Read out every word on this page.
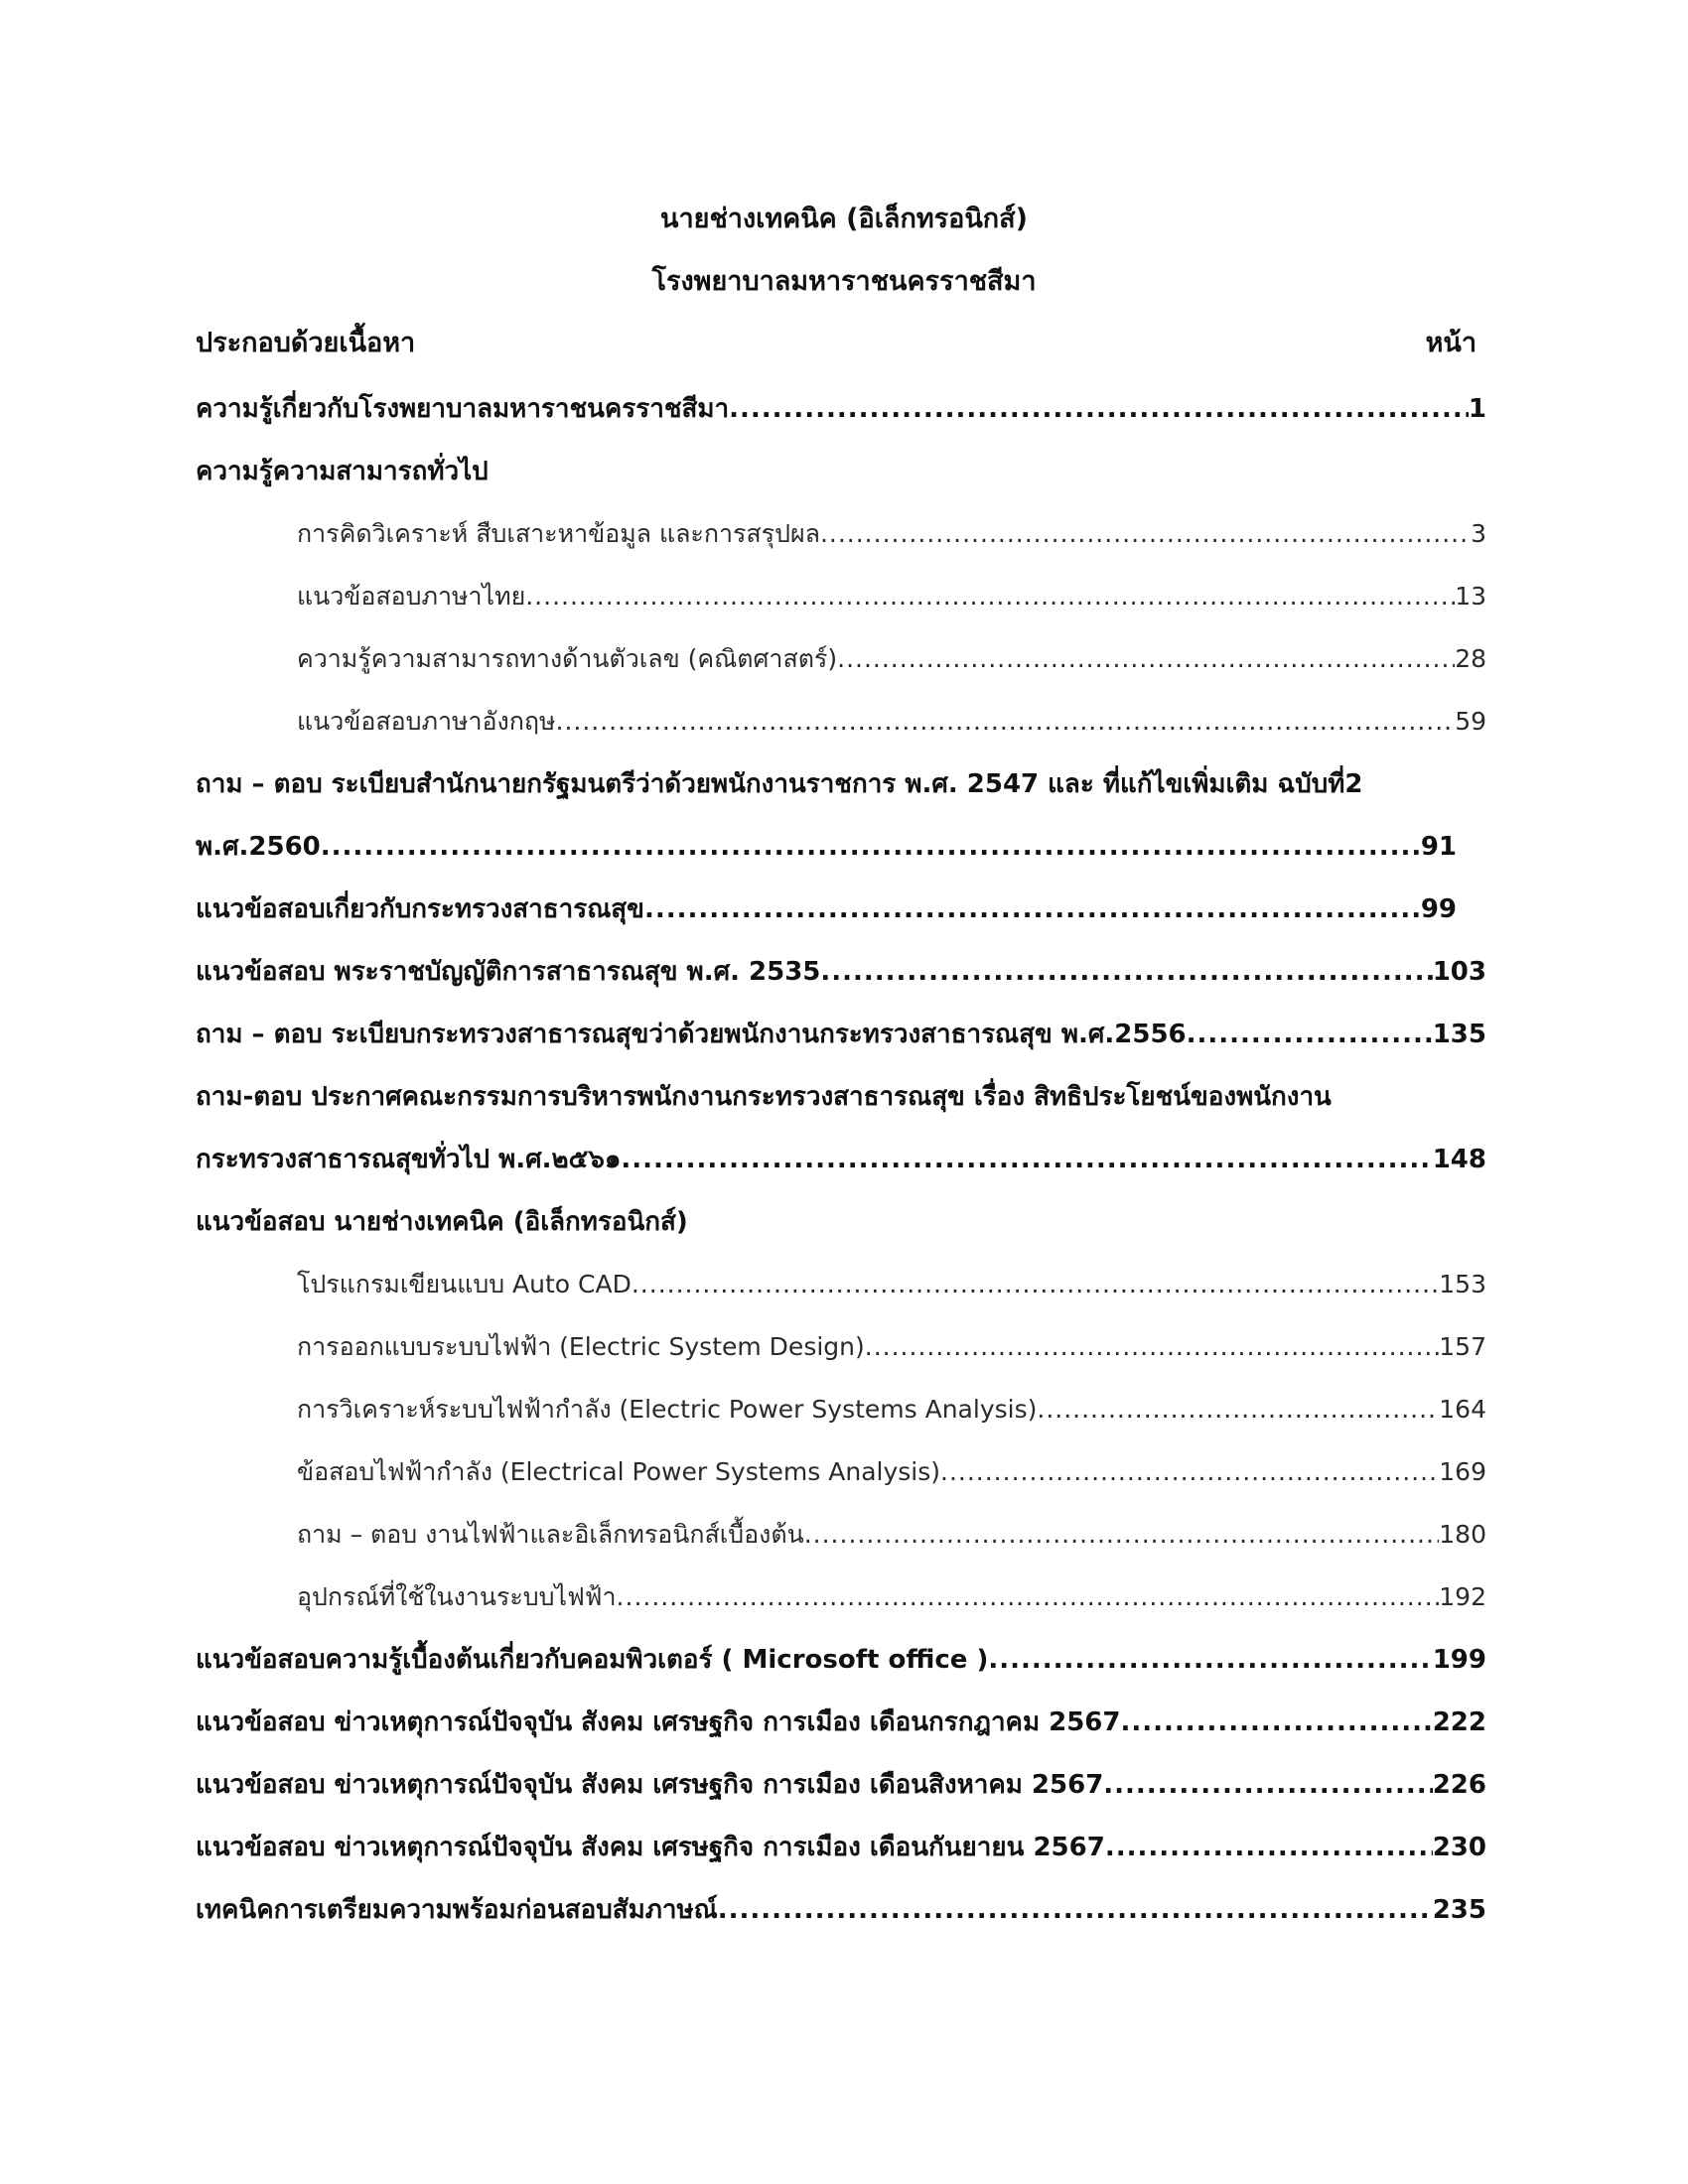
นายช่างเทคนิค (อิเล็กทรอนิกส์)
โรงพยาบาลมหาราชนครราชสีมา
ประกอบด้วยเนื้อหา	หน้า
ความรู้เกี่ยวกับโรงพยาบาลมหาราชนครราชสีมา .....	1
ความรู้ความสามารถทั่วไป
การคิดวิเคราะห์ สืบเสาะหาข้อมูล และการสรุปผล .....	3
แนวข้อสอบภาษาไทย .....	13
ความรู้ความสามารถทางด้านตัวเลข (คณิตศาสตร์) .....	28
แนวข้อสอบภาษาอังกฤษ .....	59
ถาม – ตอบ ระเบียบสำนักนายกรัฐมนตรีว่าด้วยพนักงานราชการ พ.ศ. 2547 และ ที่แก้ไขเพิ่มเติม ฉบับที่2
พ.ศ.2560 .....	91
แนวข้อสอบเกี่ยวกับกระทรวงสาธารณสุข .....	99
แนวข้อสอบ พระราชบัญญัติการสาธารณสุข พ.ศ. 2535 .....	103
ถาม – ตอบ ระเบียบกระทรวงสาธารณสุขว่าด้วยพนักงานกระทรวงสาธารณสุข พ.ศ.2556 .....	135
ถาม-ตอบ ประกาศคณะกรรมการบริหารพนักงานกระทรวงสาธารณสุข เรื่อง สิทธิประโยชน์ของพนักงาน
กระทรวงสาธารณสุขทั่วไป พ.ศ.๒๕๖๑ .....	148
แนวข้อสอบ นายช่างเทคนิค (อิเล็กทรอนิกส์)
โปรแกรมเขียนแบบ Auto CAD .....	153
การออกแบบระบบไฟฟ้า (Electric System Design) .....	157
การวิเคราะห์ระบบไฟฟ้ากำลัง (Electric Power Systems Analysis) .....	164
ข้อสอบไฟฟ้ากำลัง (Electrical Power Systems Analysis) .....	169
ถาม – ตอบ งานไฟฟ้าและอิเล็กทรอนิกส์เบื้องต้น .....	180
อุปกรณ์ที่ใช้ในงานระบบไฟฟ้า .....	192
แนวข้อสอบความรู้เบื้องต้นเกี่ยวกับคอมพิวเตอร์ ( Microsoft office ) .....	199
แนวข้อสอบ ข่าวเหตุการณ์ปัจจุบัน สังคม เศรษฐกิจ การเมือง เดือนกรกฎาคม 2567 .....	222
แนวข้อสอบ ข่าวเหตุการณ์ปัจจุบัน สังคม เศรษฐกิจ การเมือง เดือนสิงหาคม 2567 .....	226
แนวข้อสอบ ข่าวเหตุการณ์ปัจจุบัน สังคม เศรษฐกิจ การเมือง เดือนกันยายน 2567 .....	230
เทคนิคการเตรียมความพร้อมก่อนสอบสัมภาษณ์ .....	235
